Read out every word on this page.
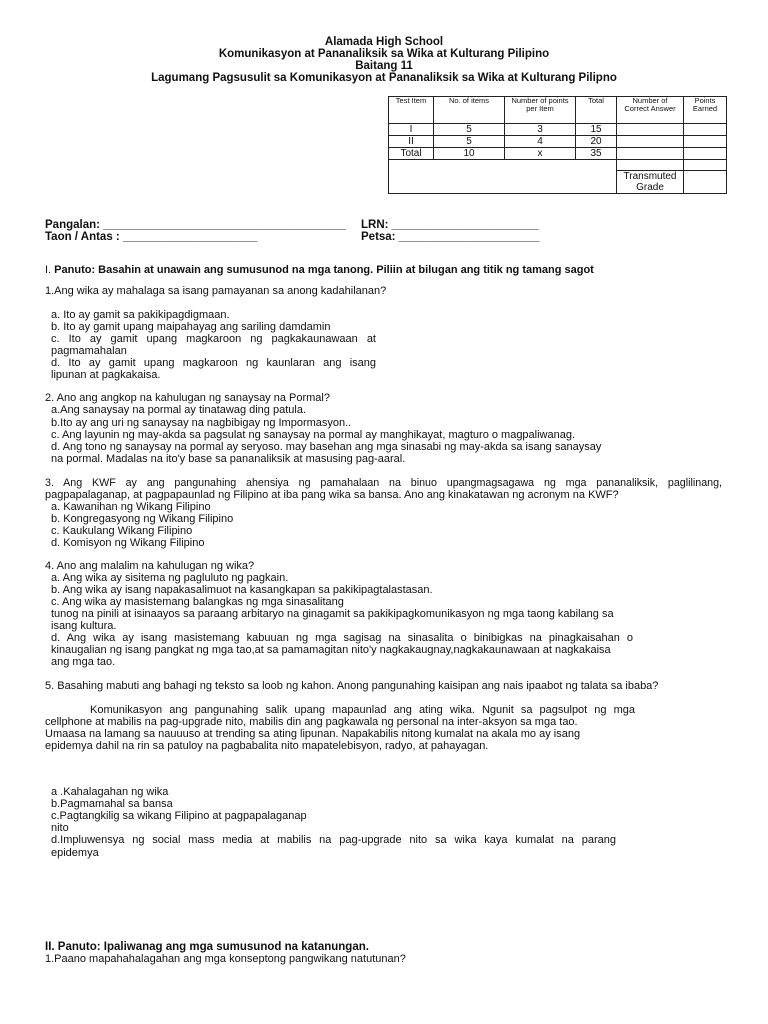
Alamada High School
Komunikasyon at Pananaliksik sa Wika at Kulturang Pilipino
Baitang 11
Lagumang Pagsusulit sa Komunikasyon at Pananaliksik sa Wika at Kulturang Pilipno
Test Item	No. of items	Number of points per Item	Total	Number of Correct Answer	Points Earned
I	5	3	15		
II	5	4	20		
Total	10	x	35		

				Transmuted Grade	
Pangalan: ______________________________________ LRN: _______________________
Taon / Antas : _____________________	Petsa: ______________________
I. Panuto: Basahin at unawain ang sumusunod na mga tanong. Piliin at bilugan ang titik ng tamang sagot
1.Ang wika ay mahalaga sa isang pamayanan sa anong kadahilanan?
a. Ito ay gamit sa pakikipagdigmaan.
b. Ito ay gamit upang maipahayag ang sariling damdamin
c. Ito ay gamit upang magkaroon ng pagkakaunawaan at
pagmamahalan
d. Ito ay gamit upang magkaroon ng kaunlaran ang isang
lipunan at pagkakaisa.
2. Ano ang angkop na kahulugan ng sanaysay na Pormal?
a.Ang sanaysay na pormal ay tinatawag ding patula.
b.Ito ay ang uri ng sanaysay na nagbibigay ng Impormasyon..
c. Ang layunin ng may-akda sa pagsulat ng sanaysay na pormal ay manghikayat, magturo o magpaliwanag.
d. Ang tono ng sanaysay na pormal ay seryoso. may basehan ang mga sinasabi ng may-akda sa isang sanaysay
na pormal. Madalas na ito'y base sa pananaliksik at masusing pag-aaral.
3. Ang KWF ay ang pangunahing ahensiya ng pamahalaan na binuo upangmagsagawa ng mga pananaliksik, paglilinang,
pagpapalaganap, at pagpapaunlad ng Filipino at iba pang wika sa bansa. Ano ang kinakatawan ng acronym na KWF?
a. Kawanihan ng Wikang Filipino
b. Kongregasyong ng Wikang Filipino
c. Kaukulang Wikang Filipino
d. Komisyon ng Wikang Filipino
4. Ano ang malalim na kahulugan ng wika?
a. Ang wika ay sisitema ng pagluluto ng pagkain.
b. Ang wika ay isang napakasalimuot na kasangkapan sa pakikipagtalastasan.
c. Ang wika ay masistemang balangkas ng mga sinasalitang
tunog na pinili at isinaayos sa paraang arbitaryo na ginagamit sa pakikipagkomunikasyon ng mga taong kabilang sa
isang kultura.
d. Ang wika ay isang masistemang kabuuan ng mga sagisag na sinasalita o binibigkas na pinagkaisahan o
kinaugalian ng isang pangkat ng mga tao,at sa pamamagitan nito'y nagkakaugnay,nagkakaunawaan at nagkakaisa
ang mga tao.
5. Basahing mabuti ang bahagi ng teksto sa loob ng kahon. Anong pangunahing kaisipan ang nais ipaabot ng talata sa ibaba?
Komunikasyon ang pangunahing salik upang mapaunlad ang ating wika. Ngunit sa pagsulpot ng mga
cellphone at mabilis na pag-upgrade nito, mabilis din ang pagkawala ng personal na inter-aksyon sa mga tao.
Umaasa na lamang sa nauuuso at trending sa ating lipunan. Napakabilis nitong kumalat na akala mo ay isang
epidemya dahil na rin sa patuloy na pagbabalita nito mapatelebisyon, radyo, at pahayagan.
a .Kahalagahan ng wika
b.Pagmamahal sa bansa
c.Pagtangkilig sa wikang Filipino at pagpapalaganap
nito
d.Impluwensya ng social mass media at mabilis na pag-upgrade nito sa wika kaya kumalat na parang
epidemya
II. Panuto: Ipaliwanag ang mga sumusunod na katanungan.
1.Paano mapahahalagahan ang mga konseptong pangwikang natutunan?
